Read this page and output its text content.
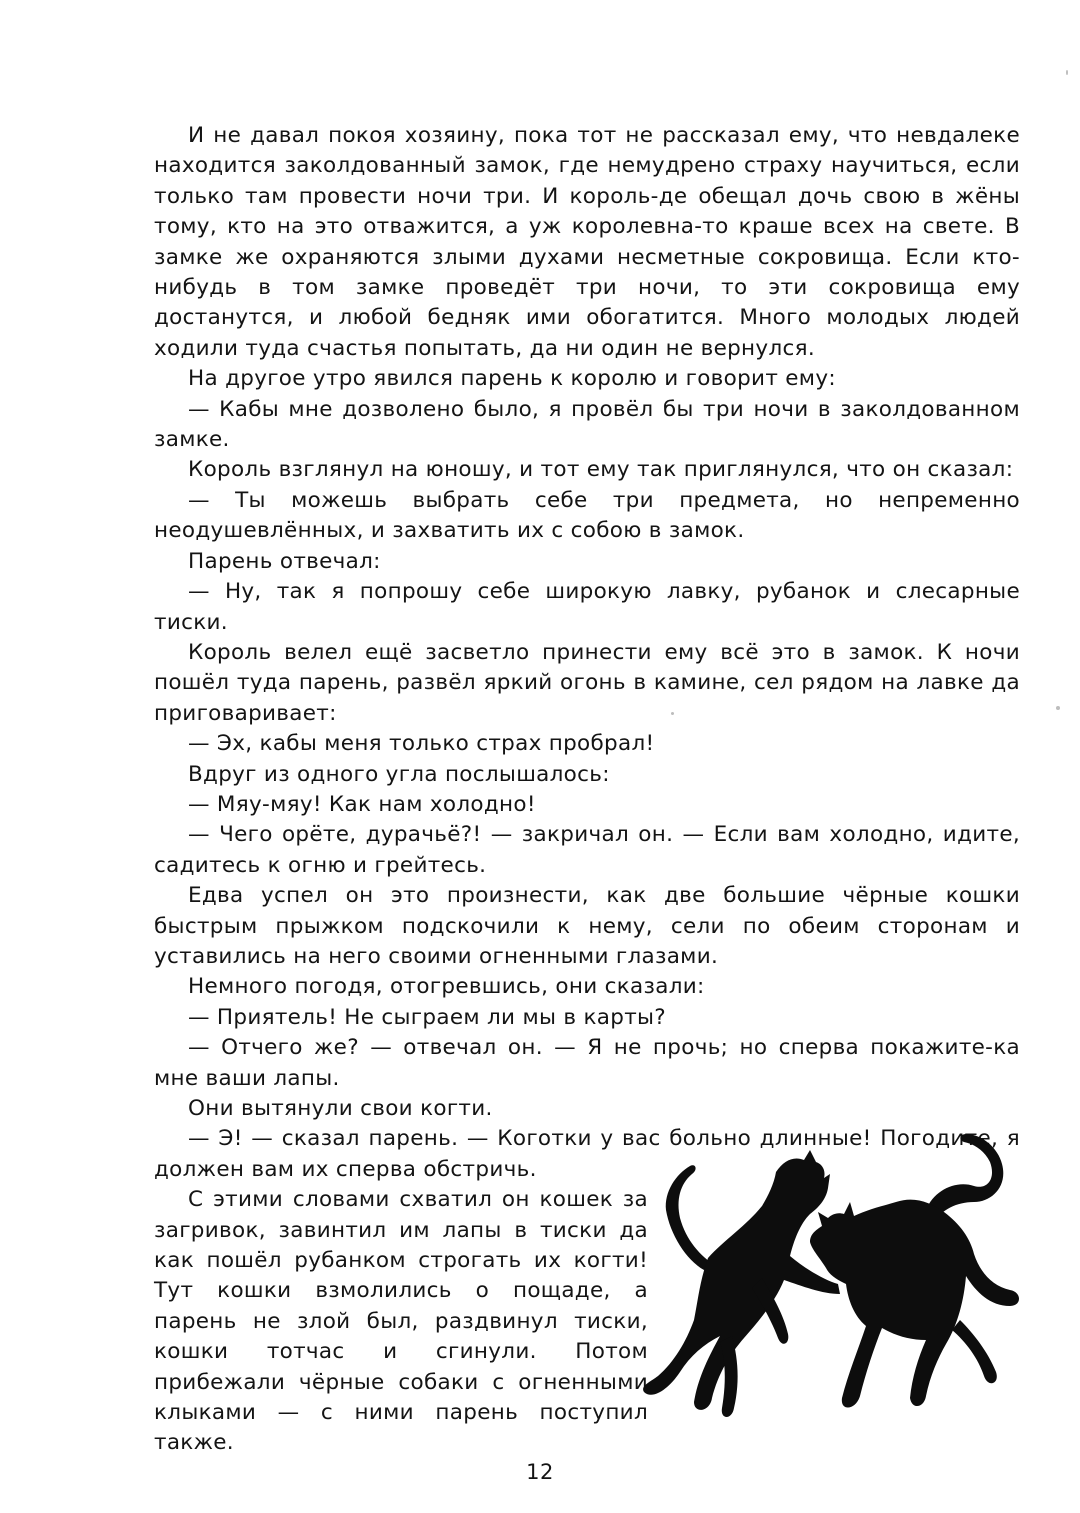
И не давал покоя хозяину, пока тот не рассказал ему, что невдалеке находится заколдованный замок, где немудрено страху научиться, если только там провести ночи три. И король-де обещал дочь свою в жёны тому, кто на это отважится, а уж королевна-то краше всех на свете. В замке же охраняются злыми духами несметные сокровища. Если кто-нибудь в том замке проведёт три ночи, то эти сокровища ему достанутся, и любой бедняк ими обогатится. Много молодых людей ходили туда счастья попытать, да ни один не вернулся.

На другое утро явился парень к королю и говорит ему:

— Кабы мне дозволено было, я провёл бы три ночи в заколдованном замке.

Король взглянул на юношу, и тот ему так приглянулся, что он сказал:

— Ты можешь выбрать себе три предмета, но непременно неодушевлённых, и захватить их с собою в замок.

Парень отвечал:

— Ну, так я попрошу себе широкую лавку, рубанок и слесарные тиски.

Король велел ещё засветло принести ему всё это в замок. К ночи пошёл туда парень, развёл яркий огонь в камине, сел рядом на лавке да приговаривает:

— Эх, кабы меня только страх пробрал!

Вдруг из одного угла послышалось:

— Мяу-мяу! Как нам холодно!

— Чего орёте, дурачьё?! — закричал он. — Если вам холодно, идите, садитесь к огню и грейтесь.

Едва успел он это произнести, как две большие чёрные кошки быстрым прыжком подскочили к нему, сели по обеим сторонам и уставились на него своими огненными глазами.

Немного погодя, отогревшись, они сказали:

— Приятель! Не сыграем ли мы в карты?

— Отчего же? — отвечал он. — Я не прочь; но сперва покажите-ка мне ваши лапы.

Они вытянули свои когти.

— Э! — сказал парень. — Коготки у вас больно длинные! Погодите, я должен вам их сперва обстричь.

С этими словами схватил он кошек за загривок, завинтил им лапы в тиски да как пошёл рубанком строгать их когти! Тут кошки взмолились о пощаде, а парень не злой был, раздвинул тиски, кошки тотчас и сгинули. Потом прибежали чёрные собаки с огненными клыками — с ними парень поступил также.

12
